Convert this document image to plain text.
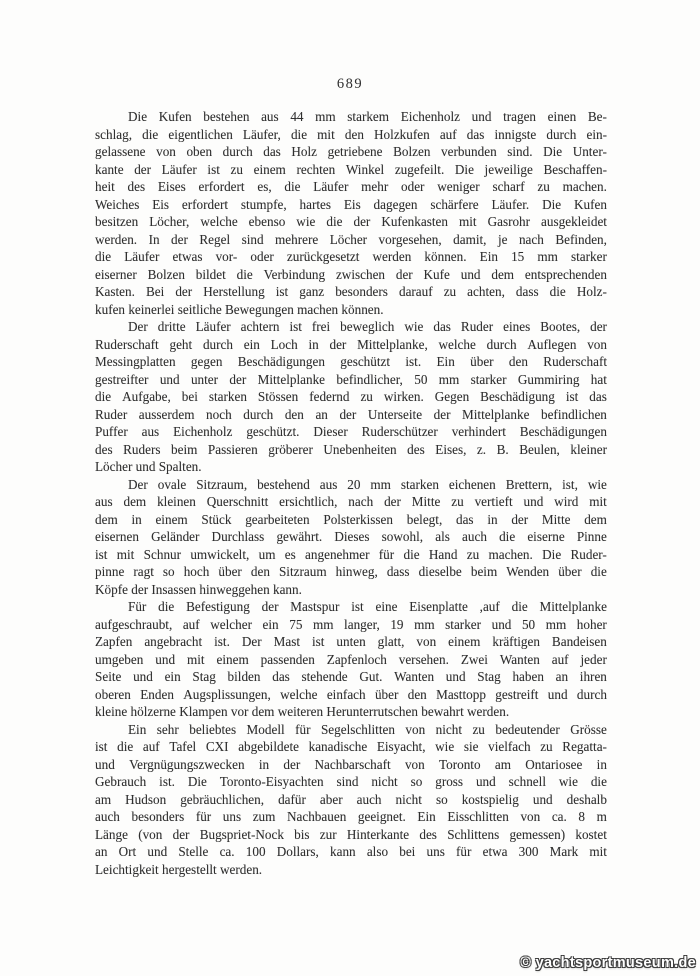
689
Die Kufen bestehen aus 44 mm starkem Eichenholz und tragen einen Be-
schlag, die eigentlichen Läufer, die mit den Holzkufen auf das innigste durch ein-
gelassene von oben durch das Holz getriebene Bolzen verbunden sind. Die Unter-
kante der Läufer ist zu einem rechten Winkel zugefeilt. Die jeweilige Beschaffen-
heit des Eises erfordert es, die Läufer mehr oder weniger scharf zu machen.
Weiches Eis erfordert stumpfe, hartes Eis dagegen schärfere Läufer. Die Kufen
besitzen Löcher, welche ebenso wie die der Kufenkasten mit Gasrohr ausgekleidet
werden. In der Regel sind mehrere Löcher vorgesehen, damit, je nach Befinden,
die Läufer etwas vor- oder zurückgesetzt werden können. Ein 15 mm starker
eiserner Bolzen bildet die Verbindung zwischen der Kufe und dem entsprechenden
Kasten. Bei der Herstellung ist ganz besonders darauf zu achten, dass die Holz-
kufen keinerlei seitliche Bewegungen machen können.
Der dritte Läufer achtern ist frei beweglich wie das Ruder eines Bootes, der
Ruderschaft geht durch ein Loch in der Mittelplanke, welche durch Auflegen von
Messingplatten gegen Beschädigungen geschützt ist. Ein über den Ruderschaft
gestreifter und unter der Mittelplanke befindlicher, 50 mm starker Gummiring hat
die Aufgabe, bei starken Stössen federnd zu wirken. Gegen Beschädigung ist das
Ruder ausserdem noch durch den an der Unterseite der Mittelplanke befindlichen
Puffer aus Eichenholz geschützt. Dieser Ruderschützer verhindert Beschädigungen
des Ruders beim Passieren gröberer Unebenheiten des Eises, z. B. Beulen, kleiner
Löcher und Spalten.
Der ovale Sitzraum, bestehend aus 20 mm starken eichenen Brettern, ist, wie
aus dem kleinen Querschnitt ersichtlich, nach der Mitte zu vertieft und wird mit
dem in einem Stück gearbeiteten Polsterkissen belegt, das in der Mitte dem
eisernen Geländer Durchlass gewährt. Dieses sowohl, als auch die eiserne Pinne
ist mit Schnur umwickelt, um es angenehmer für die Hand zu machen. Die Ruder-
pinne ragt so hoch über den Sitzraum hinweg, dass dieselbe beim Wenden über die
Köpfe der Insassen hinweggehen kann.
Für die Befestigung der Mastspur ist eine Eisenplatte ,auf die Mittelplanke
aufgeschraubt, auf welcher ein 75 mm langer, 19 mm starker und 50 mm hoher
Zapfen angebracht ist. Der Mast ist unten glatt, von einem kräftigen Bandeisen
umgeben und mit einem passenden Zapfenloch versehen. Zwei Wanten auf jeder
Seite und ein Stag bilden das stehende Gut. Wanten und Stag haben an ihren
oberen Enden Augsplissungen, welche einfach über den Masttopp gestreift und durch
kleine hölzerne Klampen vor dem weiteren Herunterrutschen bewahrt werden.
Ein sehr beliebtes Modell für Segelschlitten von nicht zu bedeutender Grösse
ist die auf Tafel CXI abgebildete kanadische Eisyacht, wie sie vielfach zu Regatta-
und Vergnügungszwecken in der Nachbarschaft von Toronto am Ontariosee in
Gebrauch ist. Die Toronto-Eisyachten sind nicht so gross und schnell wie die
am Hudson gebräuchlichen, dafür aber auch nicht so kostspielig und deshalb
auch besonders für uns zum Nachbauen geeignet. Ein Eisschlitten von ca. 8 m
Länge (von der Bugspriet-Nock bis zur Hinterkante des Schlittens gemessen) kostet
an Ort und Stelle ca. 100 Dollars, kann also bei uns für etwa 300 Mark mit
Leichtigkeit hergestellt werden.
© yachtsportmuseum.de
